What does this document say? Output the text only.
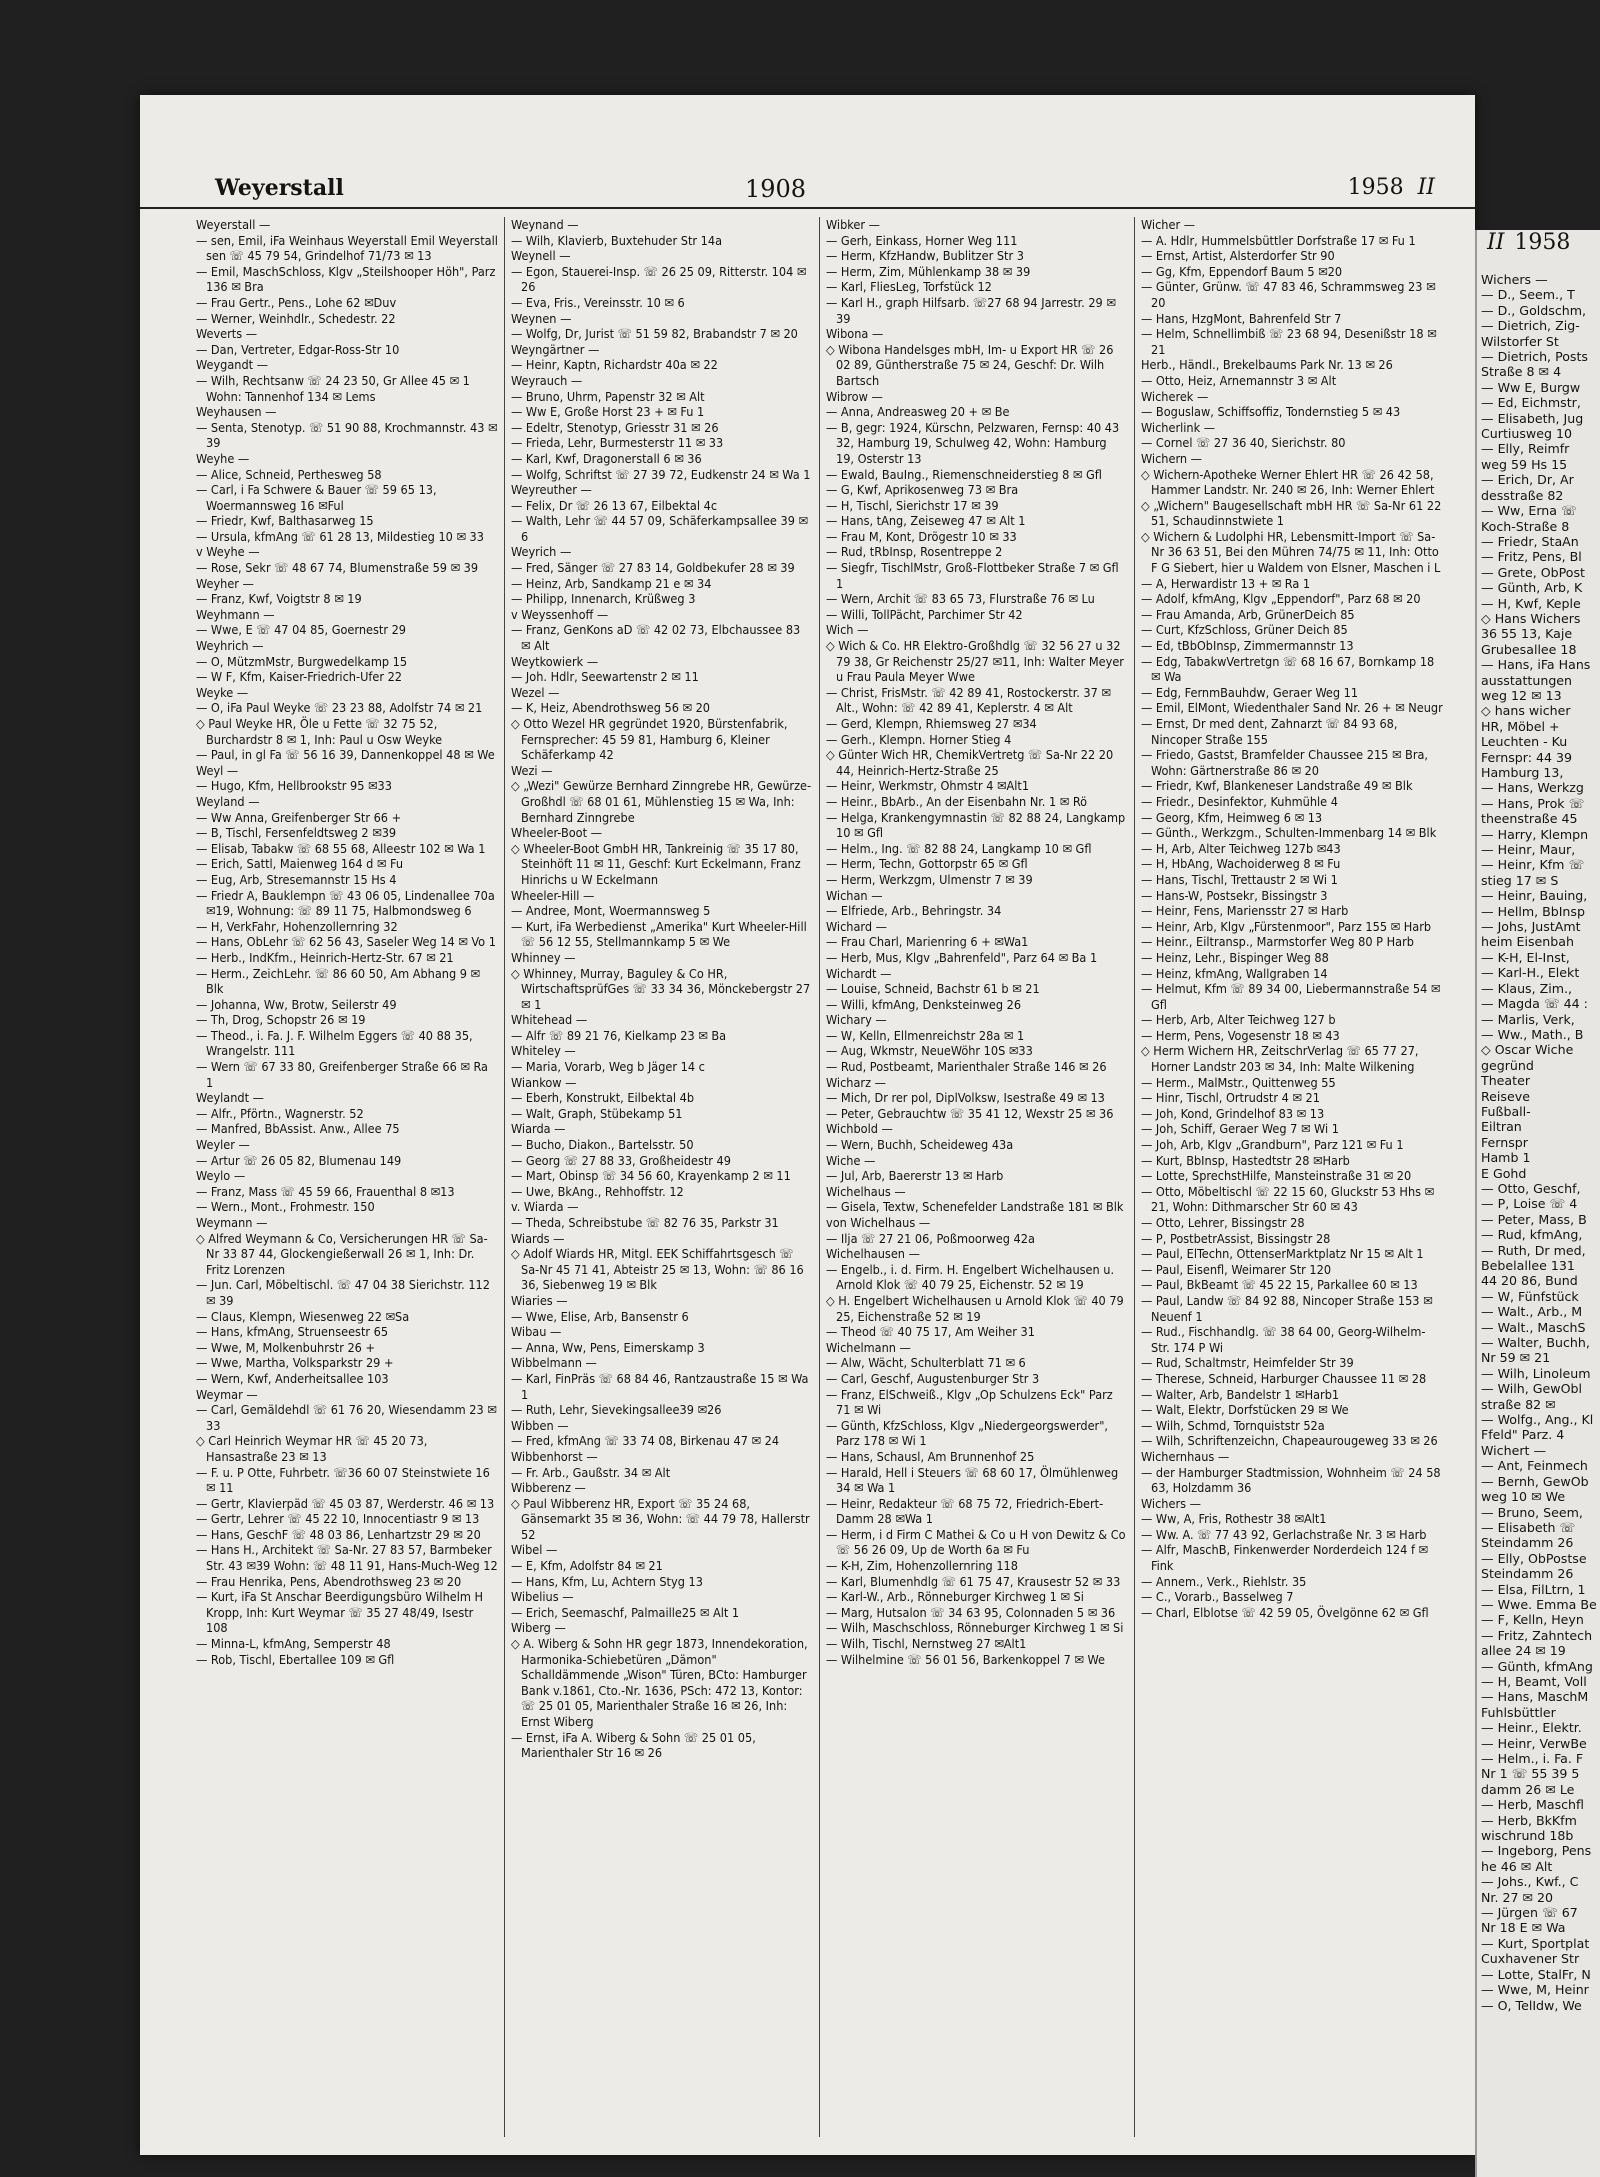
Weyerstall	1908	1958 II

Weyerstall —

— sen, Emil, iFa Weinhaus Weyerstall Emil Weyerstall sen ☏ 45 79 54, Grindelhof 71/73 ✉ 13

— Emil, MaschSchloss, Klgv „Steilshooper Höh", Parz 136 ✉ Bra

— Frau Gertr., Pens., Lohe 62 ✉Duv

— Werner, Weinhdlr., Schedestr. 22

Weverts —

— Dan, Vertreter, Edgar-Ross-Str 10

Weygandt —

— Wilh, Rechtsanw ☏ 24 23 50, Gr Allee 45 ✉ 1 Wohn: Tannenhof 134 ✉ Lems

Weyhausen —

— Senta, Stenotyp. ☏ 51 90 88, Krochmannstr. 43 ✉ 39

Weyhe —

— Alice, Schneid, Perthesweg 58

— Carl, i Fa Schwere & Bauer ☏ 59 65 13, Woermannsweg 16 ✉Ful

— Friedr, Kwf, Balthasarweg 15

— Ursula, kfmAng ☏ 61 28 13, Mildestieg 10 ✉ 33

v Weyhe —

— Rose, Sekr ☏ 48 67 74, Blumenstraße 59 ✉ 39

Weyher —

— Franz, Kwf, Voigtstr 8 ✉ 19

Weyhmann —

— Wwe, E ☏ 47 04 85, Goernestr 29

Weyhrich —

— O, MützmMstr, Burgwedelkamp 15

— W F, Kfm, Kaiser-Friedrich-Ufer 22

Weyke —

— O, iFa Paul Weyke ☏ 23 23 88, Adolfstr 74 ✉ 21

◇ Paul Weyke HR, Öle u Fette ☏ 32 75 52, Burchardstr 8 ✉ 1, Inh: Paul u Osw Weyke

— Paul, in gl Fa ☏ 56 16 39, Dannenkoppel 48 ✉ We

Weyl —

— Hugo, Kfm, Hellbrookstr 95 ✉33

Weyland —

— Ww Anna, Greifenberger Str 66 +

— B, Tischl, Fersenfeldtsweg 2 ✉39

— Elisab, Tabakw ☏ 68 55 68, Alleestr 102 ✉ Wa 1

— Erich, Sattl, Maienweg 164 d ✉ Fu

— Eug, Arb, Stresemannstr 15 Hs 4

— Friedr A, Bauklempn ☏ 43 06 05, Lindenallee 70a ✉19, Wohnung: ☏ 89 11 75, Halbmondsweg 6

— H, VerkFahr, Hohenzollernring 32

— Hans, ObLehr ☏ 62 56 43, Saseler Weg 14 ✉ Vo 1

— Herb., IndKfm., Heinrich-Hertz-Str. 67 ✉ 21

— Herm., ZeichLehr. ☏ 86 60 50, Am Abhang 9 ✉ Blk

— Johanna, Ww, Brotw, Seilerstr 49

— Th, Drog, Schopstr 26 ✉ 19

— Theod., i. Fa. J. F. Wilhelm Eggers ☏ 40 88 35, Wrangelstr. 111

— Wern ☏ 67 33 80, Greifenberger Straße 66 ✉ Ra 1

Weylandt —

— Alfr., Pförtn., Wagnerstr. 52

— Manfred, BbAssist. Anw., Allee 75

Weyler —

— Artur ☏ 26 05 82, Blumenau 149

Weylo —

— Franz, Mass ☏ 45 59 66, Frauenthal 8 ✉13

— Wern., Mont., Frohmestr. 150

Weymann —

◇ Alfred Weymann & Co, Versicherungen HR ☏ Sa-Nr 33 87 44, Glockengießerwall 26 ✉ 1, Inh: Dr. Fritz Lorenzen

— Jun. Carl, Möbeltischl. ☏ 47 04 38 Sierichstr. 112 ✉ 39

— Claus, Klempn, Wiesenweg 22 ✉Sa

— Hans, kfmAng, Struenseestr 65

— Wwe, M, Molkenbuhrstr 26 +

— Wwe, Martha, Volksparkstr 29 +

— Wern, Kwf, Anderheitsallee 103

Weymar —

— Carl, Gemäldehdl ☏ 61 76 20, Wiesendamm 23 ✉ 33

◇ Carl Heinrich Weymar HR ☏ 45 20 73, Hansastraße 23 ✉ 13

— F. u. P Otte, Fuhrbetr. ☏36 60 07 Steinstwiete 16 ✉ 11

— Gertr, Klavierpäd ☏ 45 03 87, Werderstr. 46 ✉ 13

— Gertr, Lehrer ☏ 45 22 10, Innocentiastr 9 ✉ 13

— Hans, GeschF ☏ 48 03 86, Lenhartzstr 29 ✉ 20

— Hans H., Architekt ☏ Sa-Nr. 27 83 57, Barmbeker Str. 43 ✉39 Wohn: ☏ 48 11 91, Hans-Much-Weg 12

— Frau Henrika, Pens, Abendrothsweg 23 ✉ 20

— Kurt, iFa St Anschar Beerdigungsbüro Wilhelm H Kropp, Inh: Kurt Weymar ☏ 35 27 48/49, Isestr 108

— Minna-L, kfmAng, Semperstr 48

— Rob, Tischl, Ebertallee 109 ✉ Gfl

Weynand —

— Wilh, Klavierb, Buxtehuder Str 14a

Weynell —

— Egon, Stauerei-Insp. ☏ 26 25 09, Ritterstr. 104 ✉ 26

— Eva, Fris., Vereinsstr. 10 ✉ 6

Weynen —

— Wolfg, Dr, Jurist ☏ 51 59 82, Brabandstr 7 ✉ 20

Weyngärtner —

— Heinr, Kaptn, Richardstr 40a ✉ 22

Weyrauch —

— Bruno, Uhrm, Papenstr 32 ✉ Alt

— Ww E, Große Horst 23 + ✉ Fu 1

— Edeltr, Stenotyp, Griesstr 31 ✉ 26

— Frieda, Lehr, Burmesterstr 11 ✉ 33

— Karl, Kwf, Dragonerstall 6 ✉ 36

— Wolfg, Schriftst ☏ 27 39 72, Eudkenstr 24 ✉ Wa 1

Weyreuther —

— Felix, Dr ☏ 26 13 67, Eilbektal 4c

— Walth, Lehr ☏ 44 57 09, Schäferkampsallee 39 ✉ 6

Weyrich —

— Fred, Sänger ☏ 27 83 14, Goldbekufer 28 ✉ 39

— Heinz, Arb, Sandkamp 21 e ✉ 34

— Philipp, Innenarch, Krüßweg 3

v Weyssenhoff —

— Franz, GenKons aD ☏ 42 02 73, Elbchaussee 83 ✉ Alt

Weytkowierk —

— Joh. Hdlr, Seewartenstr 2 ✉ 11

Wezel —

— K, Heiz, Abendrothsweg 56 ✉ 20

◇ Otto Wezel HR gegründet 1920, Bürstenfabrik, Fernsprecher: 45 59 81, Hamburg 6, Kleiner Schäferkamp 42

Wezi —

◇ „Wezi" Gewürze Bernhard Zinngrebe HR, Gewürze-Großhdl ☏ 68 01 61, Mühlenstieg 15 ✉ Wa, Inh: Bernhard Zinngrebe

Wheeler-Boot —

◇ Wheeler-Boot GmbH HR, Tankreinig ☏ 35 17 80, Steinhöft 11 ✉ 11, Geschf: Kurt Eckelmann, Franz Hinrichs u W Eckelmann

Wheeler-Hill —

— Andree, Mont, Woermannsweg 5

— Kurt, iFa Werbedienst „Amerika" Kurt Wheeler-Hill ☏ 56 12 55, Stellmannkamp 5 ✉ We

Whinney —

◇ Whinney, Murray, Baguley & Co HR, WirtschaftsprüfGes ☏ 33 34 36, Mönckebergstr 27 ✉ 1

Whitehead —

— Alfr ☏ 89 21 76, Kielkamp 23 ✉ Ba

Whiteley —

— Maria, Vorarb, Weg b Jäger 14 c

Wiankow —

— Eberh, Konstrukt, Eilbektal 4b

— Walt, Graph, Stübekamp 51

Wiarda —

— Bucho, Diakon., Bartelsstr. 50

— Georg ☏ 27 88 33, Großheidestr 49

— Mart, Obinsp ☏ 34 56 60, Krayenkamp 2 ✉ 11

— Uwe, BkAng., Rehhoffstr. 12

v. Wiarda —

— Theda, Schreibstube ☏ 82 76 35, Parkstr 31

Wiards —

◇ Adolf Wiards HR, Mitgl. EEK Schiffahrtsgesch ☏ Sa-Nr 45 71 41, Abteistr 25 ✉ 13, Wohn: ☏ 86 16 36, Siebenweg 19 ✉ Blk

Wiaries —

— Wwe, Elise, Arb, Bansenstr 6

Wibau —

— Anna, Ww, Pens, Eimerskamp 3

Wibbelmann —

— Karl, FinPräs ☏ 68 84 46, Rantzaustraße 15 ✉ Wa 1

— Ruth, Lehr, Sievekingsallee39 ✉26

Wibben —

— Fred, kfmAng ☏ 33 74 08, Birkenau 47 ✉ 24

Wibbenhorst —

— Fr. Arb., Gaußstr. 34 ✉ Alt

Wibberenz —

◇ Paul Wibberenz HR, Export ☏ 35 24 68, Gänsemarkt 35 ✉ 36, Wohn: ☏ 44 79 78, Hallerstr 52

Wibel —

— E, Kfm, Adolfstr 84 ✉ 21

— Hans, Kfm, Lu, Achtern Styg 13

Wibelius —

— Erich, Seemaschf, Palmaille25 ✉ Alt 1

Wiberg —

◇ A. Wiberg & Sohn HR gegr 1873, Innendekoration, Harmonika-Schiebetüren „Dämon" Schalldämmende „Wison" Türen, BCto: Hamburger Bank v.1861, Cto.-Nr. 1636, PSch: 472 13, Kontor: ☏ 25 01 05, Marienthaler Straße 16 ✉ 26, Inh: Ernst Wiberg

— Ernst, iFa A. Wiberg & Sohn ☏ 25 01 05, Marienthaler Str 16 ✉ 26

Wibker —

— Gerh, Einkass, Horner Weg 111

— Herm, KfzHandw, Bublitzer Str 3

— Herm, Zim, Mühlenkamp 38 ✉ 39

— Karl, FliesLeg, Torfstück 12

— Karl H., graph Hilfsarb. ☏27 68 94 Jarrestr. 29 ✉ 39

Wibona —

◇ Wibona Handelsges mbH, Im- u Export HR ☏ 26 02 89, Güntherstraße 75 ✉ 24, Geschf: Dr. Wilh Bartsch

Wibrow —

— Anna, Andreasweg 20 + ✉ Be

— B, gegr: 1924, Kürschn, Pelzwaren, Fernsp: 40 43 32, Hamburg 19, Schulweg 42, Wohn: Hamburg 19, Osterstr 13

— Ewald, BauIng., Riemenschneiderstieg 8 ✉ Gfl

— G, Kwf, Aprikosenweg 73 ✉ Bra

— H, Tischl, Sierichstr 17 ✉ 39

— Hans, tAng, Zeiseweg 47 ✉ Alt 1

— Frau M, Kont, Drögestr 10 ✉ 33

— Rud, tRbInsp, Rosentreppe 2

— Siegfr, TischlMstr, Groß-Flottbeker Straße 7 ✉ Gfl 1

— Wern, Archit ☏ 83 65 73, Flurstraße 76 ✉ Lu

— Willi, TollPächt, Parchimer Str 42

Wich —

◇ Wich & Co. HR Elektro-Großhdlg ☏ 32 56 27 u 32 79 38, Gr Reichenstr 25/27 ✉11, Inh: Walter Meyer u Frau Paula Meyer Wwe

— Christ, FrisMstr. ☏ 42 89 41, Rostockerstr. 37 ✉ Alt., Wohn: ☏ 42 89 41, Keplerstr. 4 ✉ Alt

— Gerd, Klempn, Rhiemsweg 27 ✉34

— Gerh., Klempn. Horner Stieg 4

◇ Günter Wich HR, ChemikVertretg ☏ Sa-Nr 22 20 44, Heinrich-Hertz-Straße 25

— Heinr, Werkmstr, Ohmstr 4 ✉Alt1

— Heinr., BbArb., An der Eisenbahn Nr. 1 ✉ Rö

— Helga, Krankengymnastin ☏ 82 88 24, Langkamp 10 ✉ Gfl

— Helm., Ing. ☏ 82 88 24, Langkamp 10 ✉ Gfl

— Herm, Techn, Gottorpstr 65 ✉ Gfl

— Herm, Werkzgm, Ulmenstr 7 ✉ 39

Wichan —

— Elfriede, Arb., Behringstr. 34

Wichard —

— Frau Charl, Marienring 6 + ✉Wa1

— Herb, Mus, Klgv „Bahrenfeld", Parz 64 ✉ Ba 1

Wichardt —

— Louise, Schneid, Bachstr 61 b ✉ 21

— Willi, kfmAng, Denksteinweg 26

Wichary —

— W, Kelln, Ellmenreichstr 28a ✉ 1

— Aug, Wkmstr, NeueWöhr 10S ✉33

— Rud, Postbeamt, Marienthaler Straße 146 ✉ 26

Wicharz —

— Mich, Dr rer pol, DiplVolksw, Isestraße 49 ✉ 13

— Peter, Gebrauchtw ☏ 35 41 12, Wexstr 25 ✉ 36

Wichbold —

— Wern, Buchh, Scheideweg 43a

Wiche —

— Jul, Arb, Baererstr 13 ✉ Harb

Wichelhaus —

— Gisela, Textw, Schenefelder Landstraße 181 ✉ Blk

von Wichelhaus —

— Ilja ☏ 27 21 06, Poßmoorweg 42a

Wichelhausen —

— Engelb., i. d. Firm. H. Engelbert Wichelhausen u. Arnold Klok ☏ 40 79 25, Eichenstr. 52 ✉ 19

◇ H. Engelbert Wichelhausen u Arnold Klok ☏ 40 79 25, Eichenstraße 52 ✉ 19

— Theod ☏ 40 75 17, Am Weiher 31

Wichelmann —

— Alw, Wächt, Schulterblatt 71 ✉ 6

— Carl, Geschf, Augustenburger Str 3

— Franz, ElSchweiß., Klgv „Op Schulzens Eck" Parz 71 ✉ Wi

— Günth, KfzSchloss, Klgv „Niedergeorgswerder", Parz 178 ✉ Wi 1

— Hans, Schausl, Am Brunnenhof 25

— Harald, Hell i Steuers ☏ 68 60 17, Ölmühlenweg 34 ✉ Wa 1

— Heinr, Redakteur ☏ 68 75 72, Friedrich-Ebert-Damm 28 ✉Wa 1

— Herm, i d Firm C Mathei & Co u H von Dewitz & Co ☏ 56 26 09, Up de Worth 6a ✉ Fu

— K-H, Zim, Hohenzollernring 118

— Karl, Blumenhdlg ☏ 61 75 47, Krausestr 52 ✉ 33

— Karl-W., Arb., Rönneburger Kirchweg 1 ✉ Si

— Marg, Hutsalon ☏ 34 63 95, Colonnaden 5 ✉ 36

— Wilh, Maschschloss, Rönneburger Kirchweg 1 ✉ Si

— Wilh, Tischl, Nernstweg 27 ✉Alt1

— Wilhelmine ☏ 56 01 56, Barkenkoppel 7 ✉ We

Wicher —

— A. Hdlr, Hummelsbüttler Dorfstraße 17 ✉ Fu 1

— Ernst, Artist, Alsterdorfer Str 90

— Gg, Kfm, Eppendorf Baum 5 ✉20

— Günter, Grünw. ☏ 47 83 46, Schrammsweg 23 ✉ 20

— Hans, HzgMont, Bahrenfeld Str 7

— Helm, Schnellimbiß ☏ 23 68 94, Desenißstr 18 ✉ 21

Herb., Händl., Brekelbaums Park Nr. 13 ✉ 26

— Otto, Heiz, Arnemannstr 3 ✉ Alt

Wicherek —

— Boguslaw, Schiffsoffiz, Tondernstieg 5 ✉ 43

Wicherlink —

— Cornel ☏ 27 36 40, Sierichstr. 80

Wichern —

◇ Wichern-Apotheke Werner Ehlert HR ☏ 26 42 58, Hammer Landstr. Nr. 240 ✉ 26, Inh: Werner Ehlert

◇ „Wichern" Baugesellschaft mbH HR ☏ Sa-Nr 61 22 51, Schaudinnstwiete 1

◇ Wichern & Ludolphi HR, Lebensmitt-Import ☏ Sa-Nr 36 63 51, Bei den Mühren 74/75 ✉ 11, Inh: Otto F G Siebert, hier u Waldem von Elsner, Maschen i L

— A, Herwardistr 13 + ✉ Ra 1

— Adolf, kfmAng, Klgv „Eppendorf", Parz 68 ✉ 20

— Frau Amanda, Arb, GrünerDeich 85

— Curt, KfzSchloss, Grüner Deich 85

— Ed, tBbObInsp, Zimmermannstr 13

— Edg, TabakwVertretgn ☏ 68 16 67, Bornkamp 18 ✉ Wa

— Edg, FernmBauhdw, Geraer Weg 11

— Emil, ElMont, Wiedenthaler Sand Nr. 26 + ✉ Neugr

— Ernst, Dr med dent, Zahnarzt ☏ 84 93 68, Nincoper Straße 155

— Friedo, Gastst, Bramfelder Chaussee 215 ✉ Bra, Wohn: Gärtnerstraße 86 ✉ 20

— Friedr, Kwf, Blankeneser Landstraße 49 ✉ Blk

— Friedr., Desinfektor, Kuhmühle 4

— Georg, Kfm, Heimweg 6 ✉ 13

— Günth., Werkzgm., Schulten-Immenbarg 14 ✉ Blk

— H, Arb, Alter Teichweg 127b ✉43

— H, HbAng, Wachoiderweg 8 ✉ Fu

— Hans, Tischl, Trettaustr 2 ✉ Wi 1

— Hans-W, Postsekr, Bissingstr 3

— Heinr, Fens, Mariensstr 27 ✉ Harb

— Heinr, Arb, Klgv „Fürstenmoor", Parz 155 ✉ Harb

— Heinr., Eiltransp., Marmstorfer Weg 80 P Harb

— Heinz, Lehr., Bispinger Weg 88

— Heinz, kfmAng, Wallgraben 14

— Helmut, Kfm ☏ 89 34 00, Liebermannstraße 54 ✉ Gfl

— Herb, Arb, Alter Teichweg 127 b

— Herm, Pens, Vogesenstr 18 ✉ 43

◇ Herm Wichern HR, ZeitschrVerlag ☏ 65 77 27, Horner Landstr 203 ✉ 34, Inh: Malte Wilkening

— Herm., MalMstr., Quittenweg 55

— Hinr, Tischl, Ortrudstr 4 ✉ 21

— Joh, Kond, Grindelhof 83 ✉ 13

— Joh, Schiff, Geraer Weg 7 ✉ Wi 1

— Joh, Arb, Klgv „Grandburn", Parz 121 ✉ Fu 1

— Kurt, BbInsp, Hastedtstr 28 ✉Harb

— Lotte, SprechstHilfe, Mansteinstraße 31 ✉ 20

— Otto, Möbeltischl ☏ 22 15 60, Gluckstr 53 Hhs ✉ 21, Wohn: Dithmarscher Str 60 ✉ 43

— Otto, Lehrer, Bissingstr 28

— P, PostbetrAssist, Bissingstr 28

— Paul, ElTechn, OttenserMarktplatz Nr 15 ✉ Alt 1

— Paul, Eisenfl, Weimarer Str 120

— Paul, BkBeamt ☏ 45 22 15, Parkallee 60 ✉ 13

— Paul, Landw ☏ 84 92 88, Nincoper Straße 153 ✉ Neuenf 1

— Rud., Fischhandlg. ☏ 38 64 00, Georg-Wilhelm-Str. 174 P Wi

— Rud, Schaltmstr, Heimfelder Str 39

— Therese, Schneid, Harburger Chaussee 11 ✉ 28

— Walter, Arb, Bandelstr 1 ✉Harb1

— Walt, Elektr, Dorfstücken 29 ✉ We

— Wilh, Schmd, Tornquiststr 52a

— Wilh, Schriftenzeichn, Chapeaurougeweg 33 ✉ 26

Wichernhaus —

— der Hamburger Stadtmission, Wohnheim ☏ 24 58 63, Holzdamm 36

Wichers —

— Ww, A, Fris, Rothestr 38 ✉Alt1

— Ww. A. ☏ 77 43 92, Gerlachstraße Nr. 3 ✉ Harb

— Alfr, MaschB, Finkenwerder Norderdeich 124 f ✉ Fink

— Annem., Verk., Riehlstr. 35

— C., Vorarb., Basselweg 7

— Charl, Elblotse ☏ 42 59 05, Övelgönne 62 ✉ Gfl

II 1958

Wichers —

— D., Seem., T

— D., Goldschm,

— Dietrich, Zig-

Wilstorfer St

— Dietrich, Posts

Straße 8 ✉ 4

— Ww E, Burgw

— Ed, Eichmstr,

— Elisabeth, Jug

Curtiusweg 10

— Elly, Reimfr

weg 59 Hs 15

— Erich, Dr, Ar

desstraße 82

— Ww, Erna ☏

Koch-Straße 8

— Friedr, StaAn

— Fritz, Pens, Bl

— Grete, ObPost

— Günth, Arb, K

— H, Kwf, Keple

◇ Hans Wichers

36 55 13, Kaje

Grubesallee 18

— Hans, iFa Hans

ausstattungen

weg 12 ✉ 13

◇ hans wicher

HR, Möbel +

Leuchten - Ku

Fernspr: 44 39

Hamburg 13,

— Hans, Werkzg

— Hans, Prok ☏

theenstraße 45

— Harry, Klempn

— Heinr, Maur,

— Heinr, Kfm ☏

stieg 17 ✉ S

— Heinr, Bauing,

— Hellm, BbInsp

— Johs, JustAmt

heim Eisenbah

— K-H, El-Inst,

— Karl-H., Elekt

— Klaus, Zim.,

— Magda ☏ 44 :

— Marlis, Verk,

— Ww., Math., B

◇ Oscar Wiche

gegründ

Theater

Reiseve

Fußball-

Eiltran

Fernspr

Hamb 1

E Gohd

— Otto, Geschf,

— P, Loise ☏ 4

— Peter, Mass, B

— Rud, kfmAng,

— Ruth, Dr med,

Bebelallee 131

44 20 86, Bund

— W, Fünfstück

— Walt., Arb., M

— Walt., MaschS

— Walter, Buchh,

Nr 59 ✉ 21

— Wilh, Linoleum

— Wilh, GewObl

straße 82 ✉

— Wolfg., Ang., Kl

Ffeld" Parz. 4

Wichert —

— Ant, Feinmech

— Bernh, GewOb

weg 10 ✉ We

— Bruno, Seem,

— Elisabeth ☏

Steindamm 26

— Elly, ObPostse

Steindamm 26

— Elsa, FilLtrn, 1

— Wwe. Emma Be

— F, Kelln, Heyn

— Fritz, Zahntech

allee 24 ✉ 19

— Günth, kfmAng

— H, Beamt, Voll

— Hans, MaschM

Fuhlsbüttler

— Heinr., Elektr.

— Heinr, VerwBe

— Helm., i. Fa. F

Nr 1 ☏ 55 39 5

damm 26 ✉ Le

— Herb, Maschfl

— Herb, BkKfm

wischrund 18b

— Ingeborg, Pens

he 46 ✉ Alt

— Johs., Kwf., C

Nr. 27 ✉ 20

— Jürgen ☏ 67

Nr 18 E ✉ Wa

— Kurt, Sportplat

Cuxhavener Str

— Lotte, StalFr, N

— Wwe, M, Heinr

— O, TelIdw, We
